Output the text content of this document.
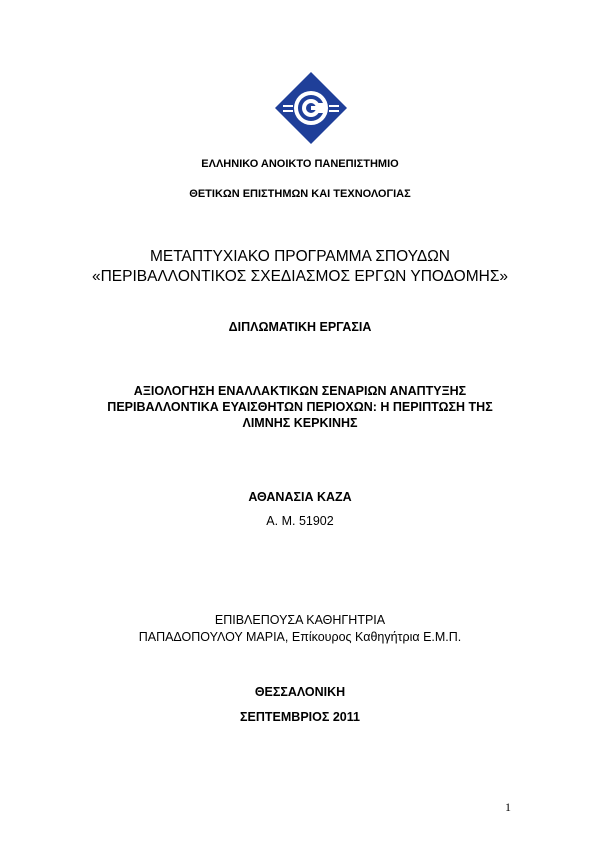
ΕΛΛΗΝΙΚΟ ΑΝΟΙΚΤΟ ΠΑΝΕΠΙΣΤΗΜΙΟ
ΘΕΤΙΚΩΝ ΕΠΙΣΤΗΜΩΝ ΚΑΙ ΤΕΧΝΟΛΟΓΙΑΣ
ΜΕΤΑΠΤΥΧΙΑΚΟ ΠΡΟΓΡΑΜΜΑ ΣΠΟΥΔΩΝ
«ΠΕΡΙΒΑΛΛΟΝΤΙΚΟΣ ΣΧΕΔΙΑΣΜΟΣ ΕΡΓΩΝ ΥΠΟΔΟΜΗΣ»
ΔΙΠΛΩΜΑΤΙΚΗ ΕΡΓΑΣΙΑ
ΑΞΙΟΛΟΓΗΣΗ ΕΝΑΛΛΑΚΤΙΚΩΝ ΣΕΝΑΡΙΩΝ ΑΝΑΠΤΥΞΗΣ
ΠΕΡΙΒΑΛΛΟΝΤΙΚΑ ΕΥΑΙΣΘΗΤΩΝ ΠΕΡΙΟΧΩΝ: Η ΠΕΡΙΠΤΩΣΗ ΤΗΣ
ΛΙΜΝΗΣ ΚΕΡΚΙΝΗΣ
ΑΘΑΝΑΣΙΑ ΚΑΖΑ
Α. Μ. 51902
ΕΠΙΒΛΕΠΟΥΣΑ ΚΑΘΗΓΗΤΡΙΑ
ΠΑΠΑΔΟΠΟΥΛΟΥ ΜΑΡΙΑ, Επίκουρος Καθηγήτρια Ε.Μ.Π.
ΘΕΣΣΑΛΟΝΙΚΗ
ΣΕΠΤΕΜΒΡΙΟΣ 2011
1
